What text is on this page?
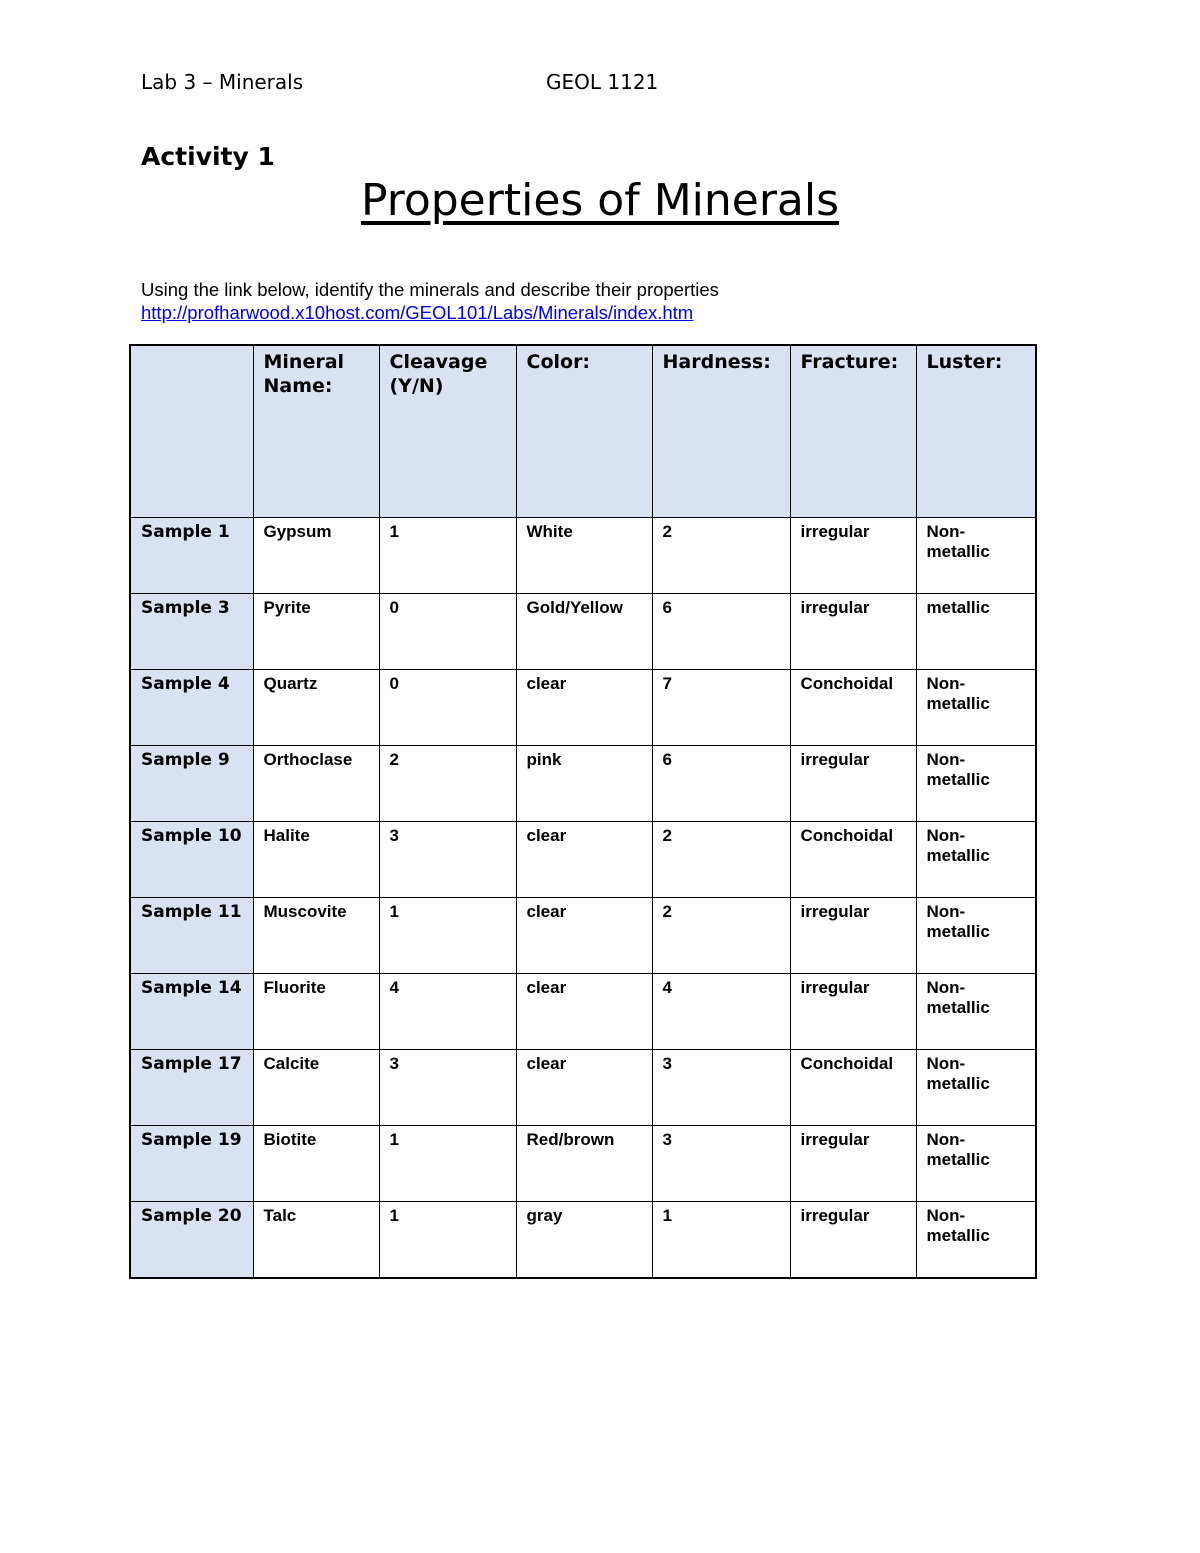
Lab 3 – Minerals	GEOL 1121
Activity 1
Properties of Minerals
Using the link below, identify the minerals and describe their properties
http://profharwood.x10host.com/GEOL101/Labs/Minerals/index.htm
	Mineral Name:	Cleavage (Y/N)	Color:	Hardness:	Fracture:	Luster:
Sample 1	Gypsum	1	White	2	irregular	Non-metallic
Sample 3	Pyrite	0	Gold/Yellow	6	irregular	metallic
Sample 4	Quartz	0	clear	7	Conchoidal	Non-metallic
Sample 9	Orthoclase	2	pink	6	irregular	Non-metallic
Sample 10	Halite	3	clear	2	Conchoidal	Non-metallic
Sample 11	Muscovite	1	clear	2	irregular	Non-metallic
Sample 14	Fluorite	4	clear	4	irregular	Non-metallic
Sample 17	Calcite	3	clear	3	Conchoidal	Non-metallic
Sample 19	Biotite	1	Red/brown	3	irregular	Non-metallic
Sample 20	Talc	1	gray	1	irregular	Non-metallic
